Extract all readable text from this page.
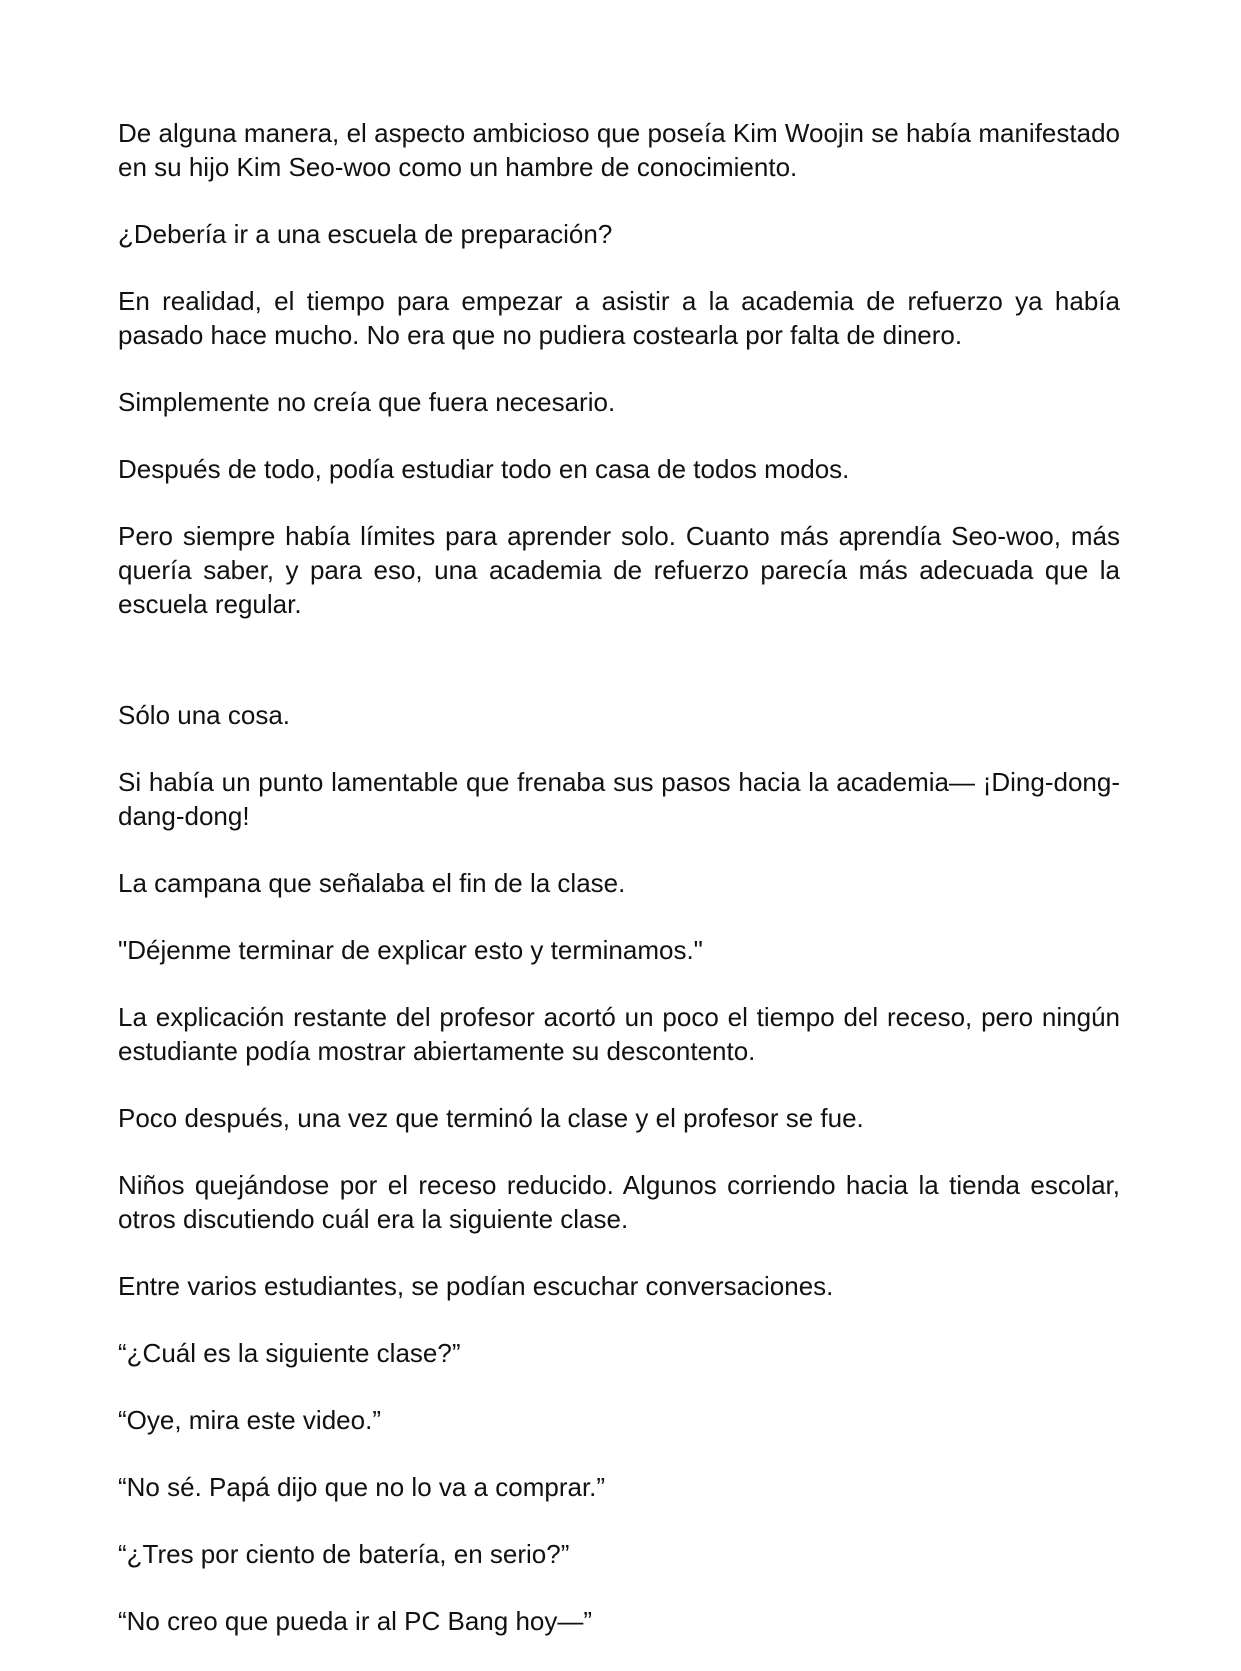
De alguna manera, el aspecto ambicioso que poseía Kim Woojin se había manifestado en su hijo Kim Seo-woo como un hambre de conocimiento.

¿Debería ir a una escuela de preparación?

En realidad, el tiempo para empezar a asistir a la academia de refuerzo ya había pasado hace mucho. No era que no pudiera costearla por falta de dinero.

Simplemente no creía que fuera necesario.

Después de todo, podía estudiar todo en casa de todos modos.

Pero siempre había límites para aprender solo. Cuanto más aprendía Seo-woo, más quería saber, y para eso, una academia de refuerzo parecía más adecuada que la escuela regular.

Sólo una cosa.

Si había un punto lamentable que frenaba sus pasos hacia la academia— ¡Ding-dong-dang-dong!

La campana que señalaba el fin de la clase.

"Déjenme terminar de explicar esto y terminamos."

La explicación restante del profesor acortó un poco el tiempo del receso, pero ningún estudiante podía mostrar abiertamente su descontento.

Poco después, una vez que terminó la clase y el profesor se fue.

Niños quejándose por el receso reducido. Algunos corriendo hacia la tienda escolar, otros discutiendo cuál era la siguiente clase.

Entre varios estudiantes, se podían escuchar conversaciones.

“¿Cuál es la siguiente clase?”

“Oye, mira este video.”

“No sé. Papá dijo que no lo va a comprar.”

“¿Tres por ciento de batería, en serio?”

“No creo que pueda ir al PC Bang hoy—”
